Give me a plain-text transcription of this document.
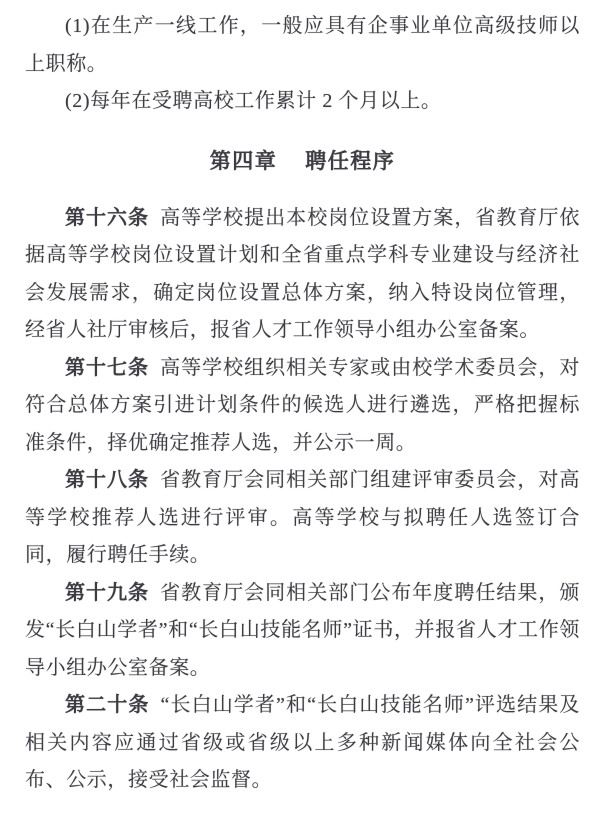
(1)在生产一线工作，一般应具有企事业单位高级技师以上职称。

(2)每年在受聘高校工作累计 2 个月以上。

第四章 聘任程序

第十六条 高等学校提出本校岗位设置方案，省教育厅依据高等学校岗位设置计划和全省重点学科专业建设与经济社会发展需求，确定岗位设置总体方案，纳入特设岗位管理，经省人社厅审核后，报省人才工作领导小组办公室备案。

第十七条 高等学校组织相关专家或由校学术委员会，对符合总体方案引进计划条件的候选人进行遴选，严格把握标准条件，择优确定推荐人选，并公示一周。

第十八条 省教育厅会同相关部门组建评审委员会，对高等学校推荐人选进行评审。高等学校与拟聘任人选签订合同，履行聘任手续。

第十九条 省教育厅会同相关部门公布年度聘任结果，颁发“长白山学者”和“长白山技能名师”证书，并报省人才工作领导小组办公室备案。

第二十条 “长白山学者”和“长白山技能名师”评选结果及相关内容应通过省级或省级以上多种新闻媒体向全社会公布、公示，接受社会监督。
